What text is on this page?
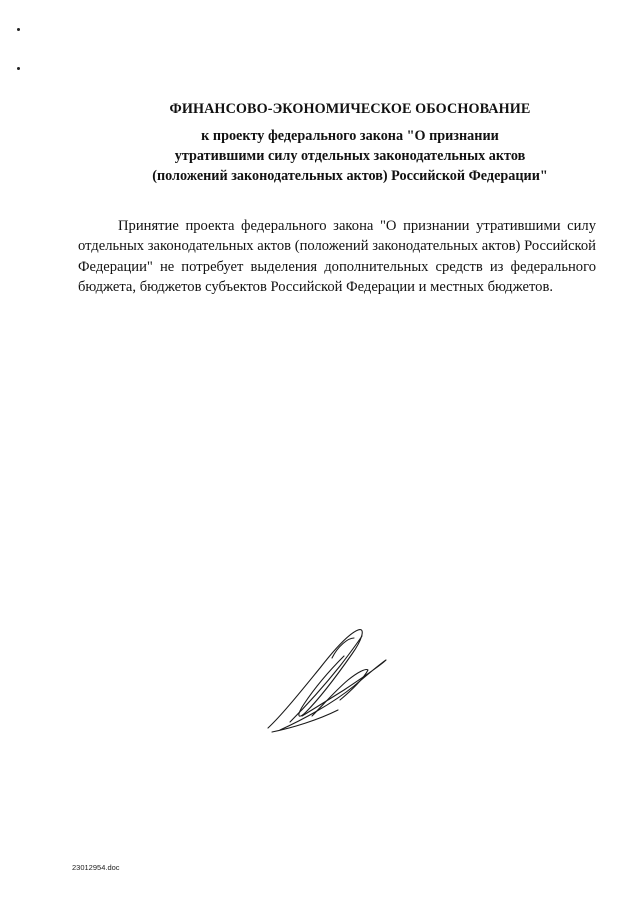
ФИНАНСОВО-ЭКОНОМИЧЕСКОЕ ОБОСНОВАНИЕ
к проекту федерального закона "О признании
утратившими силу отдельных законодательных актов
(положений законодательных актов) Российской Федерации"
Принятие проекта федерального закона "О признании утратившими силу отдельных законодательных актов (положений законодательных актов) Российской Федерации" не потребует выделения дополнительных средств из федерального бюджета, бюджетов субъектов Российской Федерации и местных бюджетов.
23012954.doc
